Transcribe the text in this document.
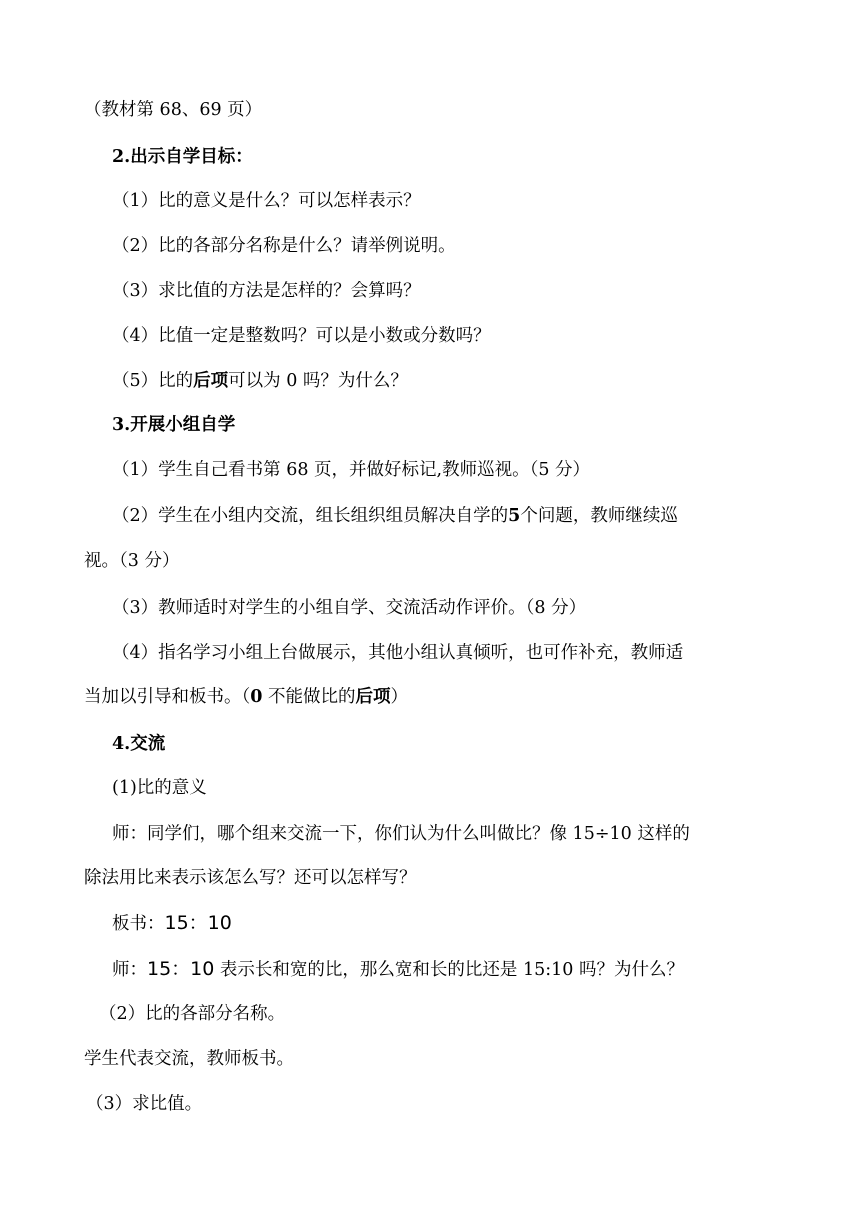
（教材第 68、69 页）
2.出示自学目标：
（1）比的意义是什么？可以怎样表示？
（2）比的各部分名称是什么？请举例说明。
（3）求比值的方法是怎样的？会算吗？
（4）比值一定是整数吗？可以是小数或分数吗？
（5）比的后项可以为 0 吗？为什么？
3.开展小组自学
（1）学生自己看书第 68 页，并做好标记,教师巡视。（5 分）
（2）学生在小组内交流，组长组织组员解决自学的5个问题，教师继续巡
视。（3 分）
（3）教师适时对学生的小组自学、交流活动作评价。（8 分）
（4）指名学习小组上台做展示，其他小组认真倾听，也可作补充，教师适
当加以引导和板书。（0 不能做比的后项）
4.交流
(1)比的意义
师：同学们，哪个组来交流一下，你们认为什么叫做比？像 15÷10 这样的
除法用比来表示该怎么写？还可以怎样写？
板书：15：10
师：15：10 表示长和宽的比，那么宽和长的比还是 15:10 吗？为什么？
（2）比的各部分名称。
学生代表交流，教师板书。
（3）求比值。
